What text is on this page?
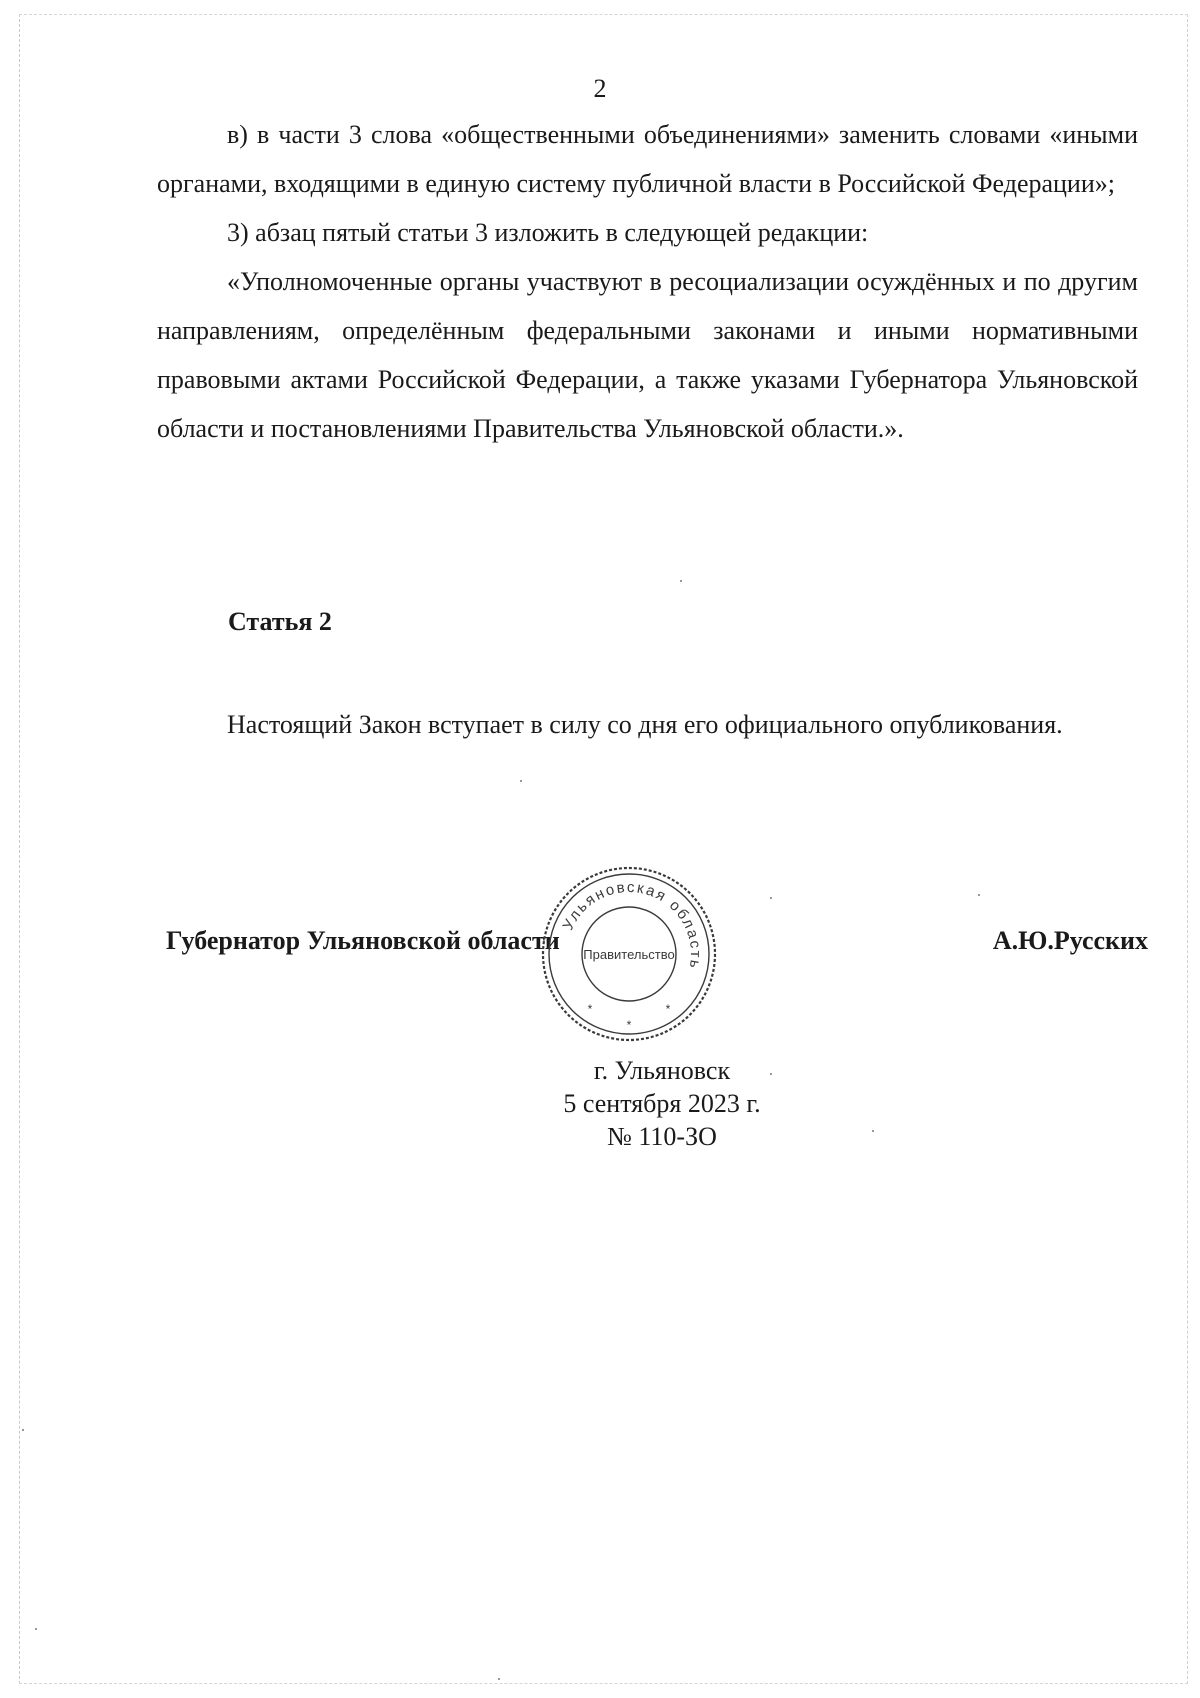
2

в) в части 3 слова «общественными объединениями» заменить словами «иными органами, входящими в единую систему публичной власти в Российской Федерации»;

3) абзац пятый статьи 3 изложить в следующей редакции:

«Уполномоченные органы участвуют в ресоциализации осуждённых и по другим направлениям, определённым федеральными законами и иными нормативными правовыми актами Российской Федерации, а также указами Губернатора Ульяновской области и постановлениями Правительства Ульяновской области.».

Статья 2

Настоящий Закон вступает в силу со дня его официального опубликования.

Губернатор Ульяновской области	А.Ю.Русских
Ульяновская область
Правительство
*
*
*
г. Ульяновск
5 сентября 2023 г.
№ 110-ЗО
